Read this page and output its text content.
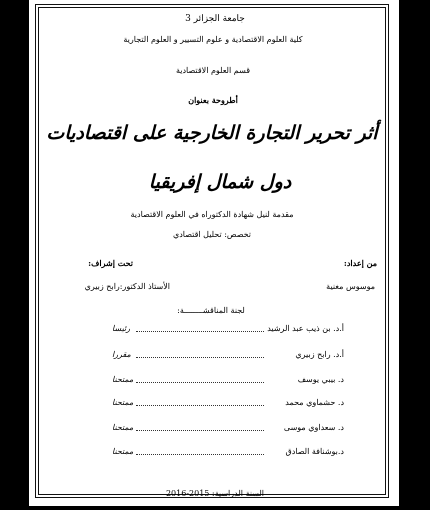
جامعة الجزائر 3
كلية العلوم الاقتصادية و علوم التسيير و العلوم التجارية
قسم العلوم الاقتصادية
أطروحة بعنوان
أثر تحرير التجارة الخارجية على اقتصاديات
دول شمال إفريقيا
مقدمة لنيل شهادة الدكتوراه في العلوم الاقتصادية
تخصص: تحليل اقتصادي
من إعداد:
تحت إشراف:
موسوس مغنية
الأستاذ الدكتور:رابح زبيري
لجنة المناقشــــــــة:
أ.د. بن ذيب عبد الرشيد
رئيسا
أ.د. رابح زبيري
مقررا
د. بيبي يوسف
ممتحنا
د. حشماوي محمد
ممتحنا
د. سعداوي موسى
ممتحنا
د.بوشنافة الصادق
ممتحنا
السنة الدراسية: 2015-2016
